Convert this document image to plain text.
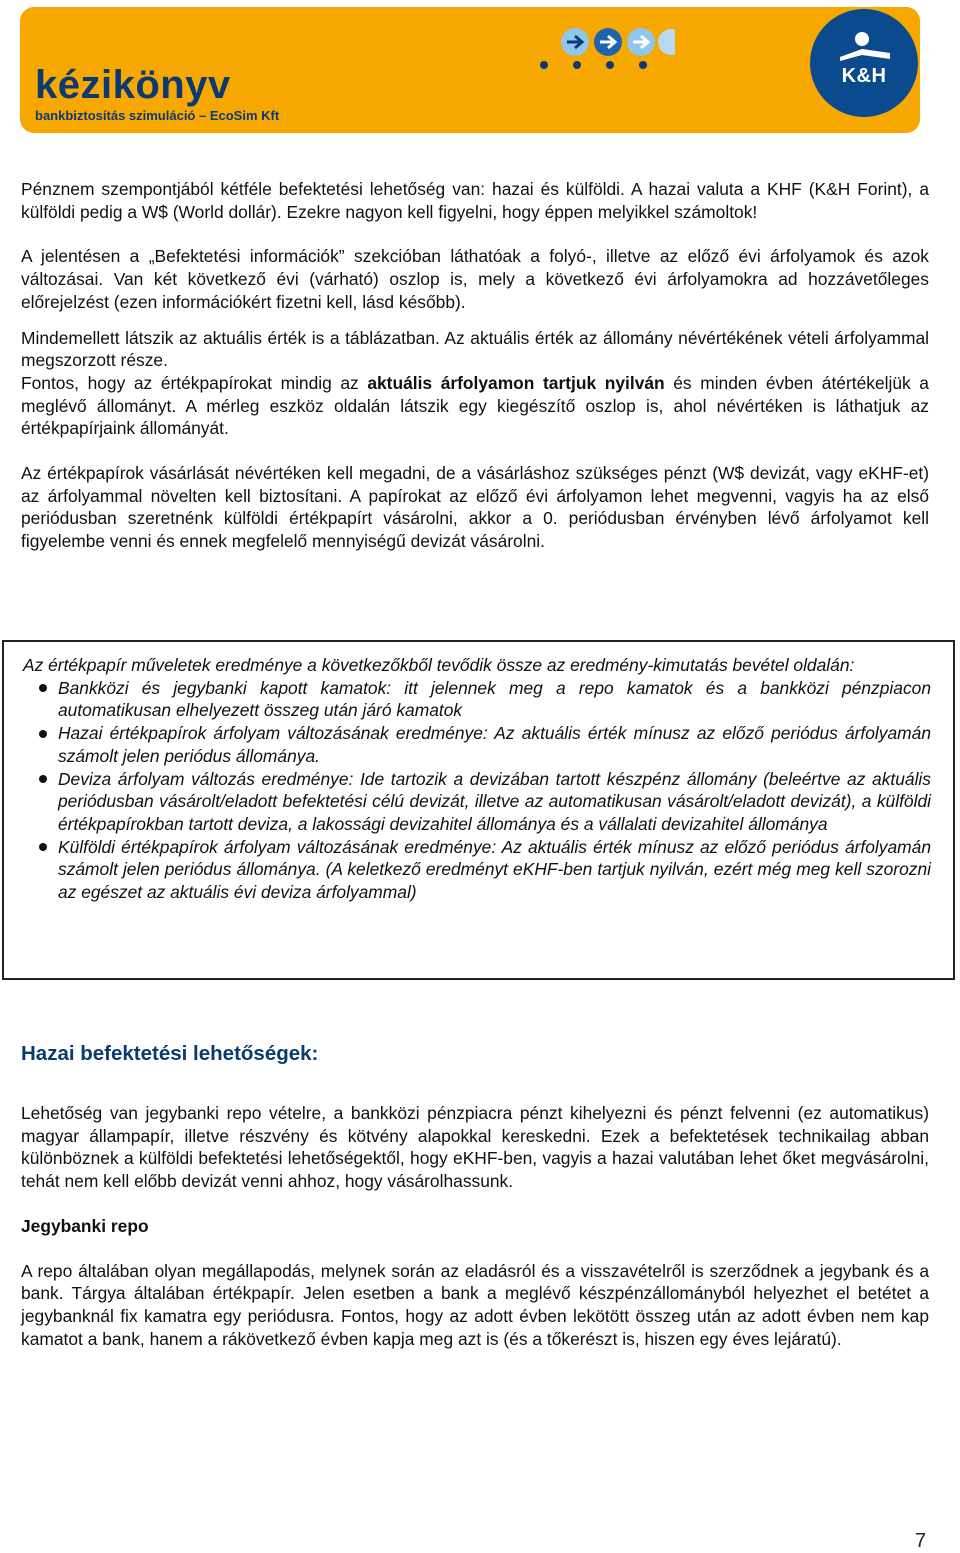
kézikönyv
bankbiztosítás szimuláció – EcoSim Kft
K&H

Pénznem szempontjából kétféle befektetési lehetőség van: hazai és külföldi. A hazai valuta a KHF (K&H Forint), a külföldi pedig a W$ (World dollár). Ezekre nagyon kell figyelni, hogy éppen melyikkel számoltok!

A jelentésen a „Befektetési információk” szekcióban láthatóak a folyó-, illetve az előző évi árfolyamok és azok változásai. Van két következő évi (várható) oszlop is, mely a következő évi árfolyamokra ad hozzávetőleges előrejelzést (ezen információkért fizetni kell, lásd később).

Mindemellett látszik az aktuális érték is a táblázatban. Az aktuális érték az állomány névértékének vételi árfolyammal megszorzott része.

Fontos, hogy az értékpapírokat mindig az aktuális árfolyamon tartjuk nyilván és minden évben átértékeljük a meglévő állományt. A mérleg eszköz oldalán látszik egy kiegészítő oszlop is, ahol névértéken is láthatjuk az értékpapírjaink állományát.

Az értékpapírok vásárlását névértéken kell megadni, de a vásárláshoz szükséges pénzt (W$ devizát, vagy eKHF-et) az árfolyammal növelten kell biztosítani. A papírokat az előző évi árfolyamon lehet megvenni, vagyis ha az első periódusban szeretnénk külföldi értékpapírt vásárolni, akkor a 0. periódusban érvényben lévő árfolyamot kell figyelembe venni és ennek megfelelő mennyiségű devizát vásárolni.

Az értékpapír műveletek eredménye a következőkből tevődik össze az eredmény-kimutatás bevétel oldalán:

Bankközi és jegybanki kapott kamatok: itt jelennek meg a repo kamatok és a bankközi pénzpiacon automatikusan elhelyezett összeg után járó kamatok
Hazai értékpapírok árfolyam változásának eredménye: Az aktuális érték mínusz az előző periódus árfolyamán számolt jelen periódus állománya.
Deviza árfolyam változás eredménye: Ide tartozik a devizában tartott készpénz állomány (beleértve az aktuális periódusban vásárolt/eladott befektetési célú devizát, illetve az automatikusan vásárolt/eladott devizát), a külföldi értékpapírokban tartott deviza, a lakossági devizahitel állománya és a vállalati devizahitel állománya
Külföldi értékpapírok árfolyam változásának eredménye: Az aktuális érték mínusz az előző periódus árfolyamán számolt jelen periódus állománya. (A keletkező eredményt eKHF-ben tartjuk nyilván, ezért még meg kell szorozni az egészet az aktuális évi deviza árfolyammal)
Hazai befektetési lehetőségek:

Lehetőség van jegybanki repo vételre, a bankközi pénzpiacra pénzt kihelyezni és pénzt felvenni (ez automatikus) magyar állampapír, illetve részvény és kötvény alapokkal kereskedni. Ezek a befektetések technikailag abban különböznek a külföldi befektetési lehetőségektől, hogy eKHF-ben, vagyis a hazai valutában lehet őket megvásárolni, tehát nem kell előbb devizát venni ahhoz, hogy vásárolhassunk.

Jegybanki repo

A repo általában olyan megállapodás, melynek során az eladásról és a visszavételről is szerződnek a jegybank és a bank. Tárgya általában értékpapír. Jelen esetben a bank a meglévő készpénzállományból helyezhet el betétet a jegybanknál fix kamatra egy periódusra. Fontos, hogy az adott évben lekötött összeg után az adott évben nem kap kamatot a bank, hanem a rákövetkező évben kapja meg azt is (és a tőkerészt is, hiszen egy éves lejáratú).

7
